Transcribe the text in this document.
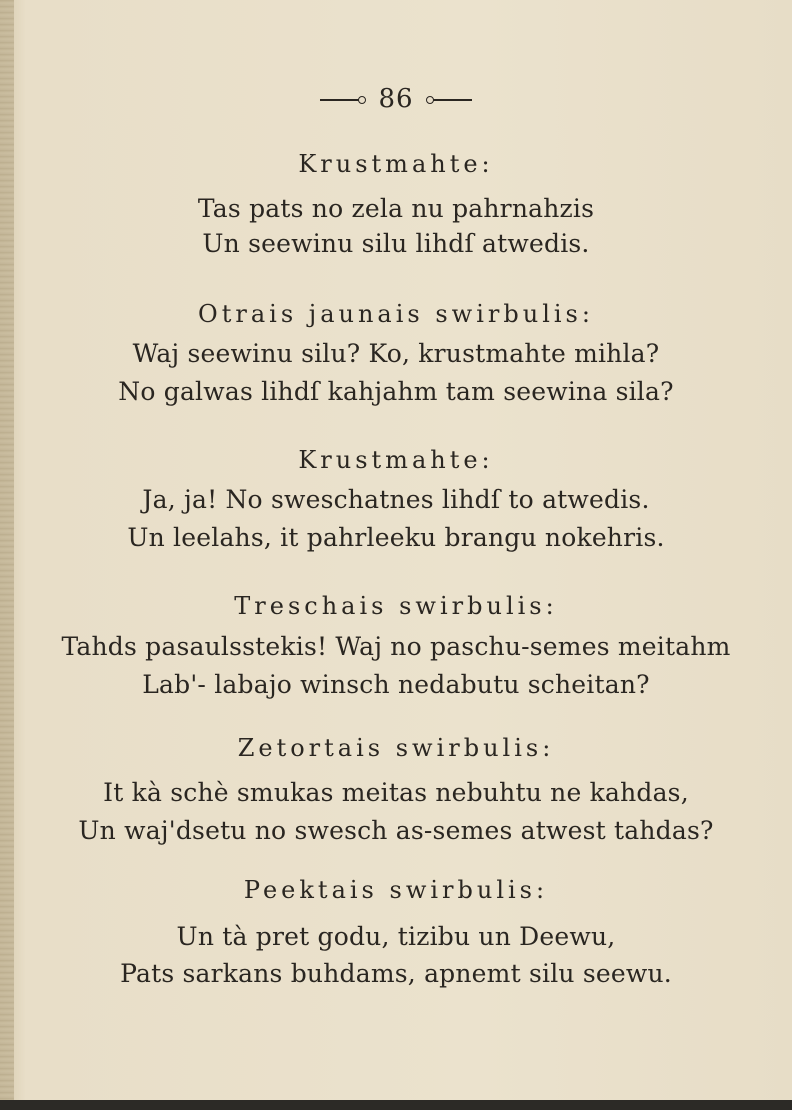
86
Krustmahte:
Tas pats no zela nu pahrnahzis
Un seewinu silu lihdſ atwedis.
Otrais jaunais swirbulis:
Waj seewinu silu? Ko, krustmahte mihla?
No galwas lihdſ kahjahm tam seewina sila?
Krustmahte:
Ja, ja! No sweschatnes lihdſ to atwedis.
Un leelahs, it pahrleeku brangu nokehris.
Treschais swirbulis:
Tahds pasaulsstekis! Waj no paschu-semes meitahm
Lab'- labajo winsch nedabutu scheitan?
Zetortais swirbulis:
It kà schè smukas meitas nebuhtu ne kahdas,
Un waj'dsetu no swesch as-semes atwest tahdas?
Peektais swirbulis:
Un tà pret godu, tizibu un Deewu,
Pats sarkans buhdams, apnemt silu seewu.
